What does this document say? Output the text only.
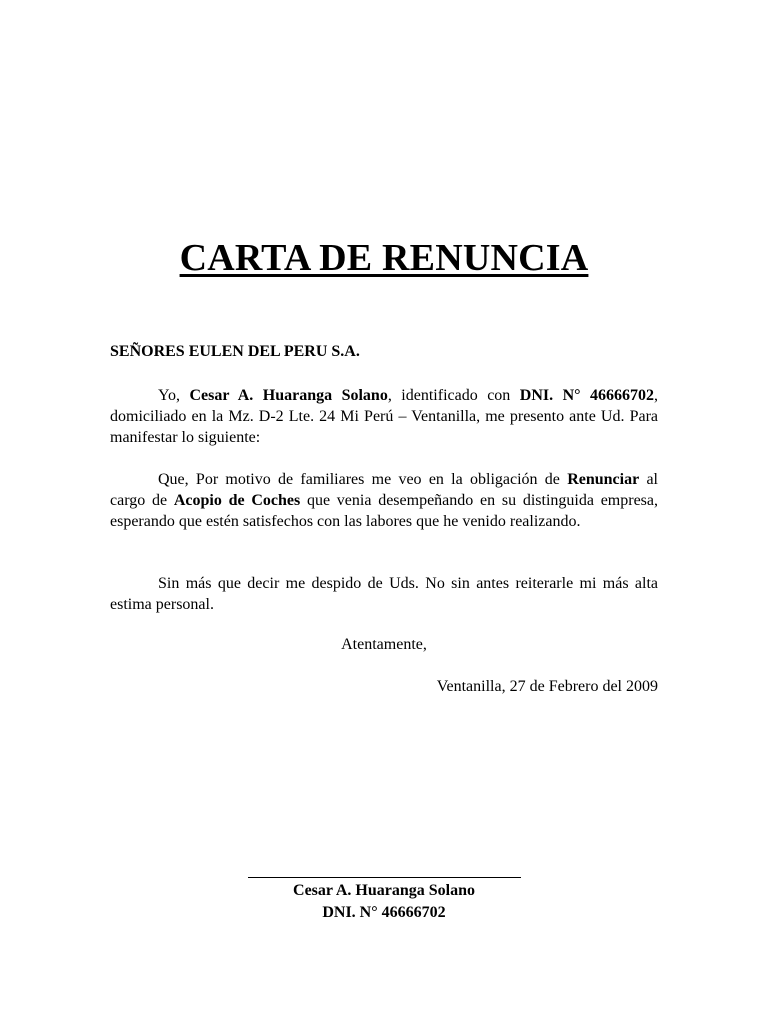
CARTA DE RENUNCIA
SEÑORES EULEN DEL PERU S.A.

Yo, Cesar A. Huaranga Solano, identificado con DNI. N° 46666702, domiciliado en la Mz. D-2 Lte. 24 Mi Perú – Ventanilla, me presento ante Ud. Para manifestar lo siguiente:

Que, Por motivo de familiares me veo en la obligación de Renunciar al cargo de Acopio de Coches que venia desempeñando en su distinguida empresa, esperando que estén satisfechos con las labores que he venido realizando.

Sin más que decir me despido de Uds. No sin antes reiterarle mi más alta estima personal.

Atentamente,
Ventanilla, 27 de Febrero del 2009
Cesar A. Huaranga Solano
DNI. N° 46666702
